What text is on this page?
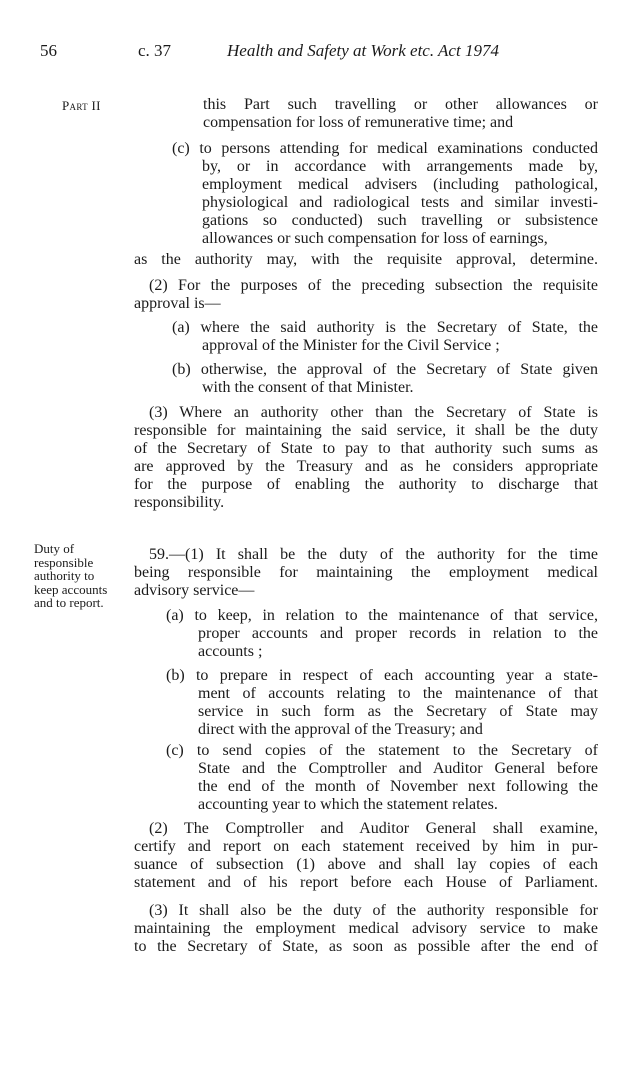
56	c. 37	Health and Safety at Work etc. Act 1974
Part II
Duty of
responsible
authority to
keep accounts
and to report.
this Part such travelling or other allowances or
compensation for loss of remunerative time; and
(c) to persons attending for medical examinations conducted
by, or in accordance with arrangements made by,
employment medical advisers (including pathological,
physiological and radiological tests and similar investi-
gations so conducted) such travelling or subsistence
allowances or such compensation for loss of earnings,
as the authority may, with the requisite approval, determine.
(2) For the purposes of the preceding subsection the requisite
approval is—
(a) where the said authority is the Secretary of State, the
approval of the Minister for the Civil Service ;
(b) otherwise, the approval of the Secretary of State given
with the consent of that Minister.
(3) Where an authority other than the Secretary of State is
responsible for maintaining the said service, it shall be the duty
of the Secretary of State to pay to that authority such sums as
are approved by the Treasury and as he considers appropriate
for the purpose of enabling the authority to discharge that
responsibility.
59.—(1) It shall be the duty of the authority for the time
being responsible for maintaining the employment medical
advisory service—
(a) to keep, in relation to the maintenance of that service,
proper accounts and proper records in relation to the
accounts ;
(b) to prepare in respect of each accounting year a state-
ment of accounts relating to the maintenance of that
service in such form as the Secretary of State may
direct with the approval of the Treasury; and
(c) to send copies of the statement to the Secretary of
State and the Comptroller and Auditor General before
the end of the month of November next following the
accounting year to which the statement relates.
(2) The Comptroller and Auditor General shall examine,
certify and report on each statement received by him in pur-
suance of subsection (1) above and shall lay copies of each
statement and of his report before each House of Parliament.
(3) It shall also be the duty of the authority responsible for
maintaining the employment medical advisory service to make
to the Secretary of State, as soon as possible after the end of
